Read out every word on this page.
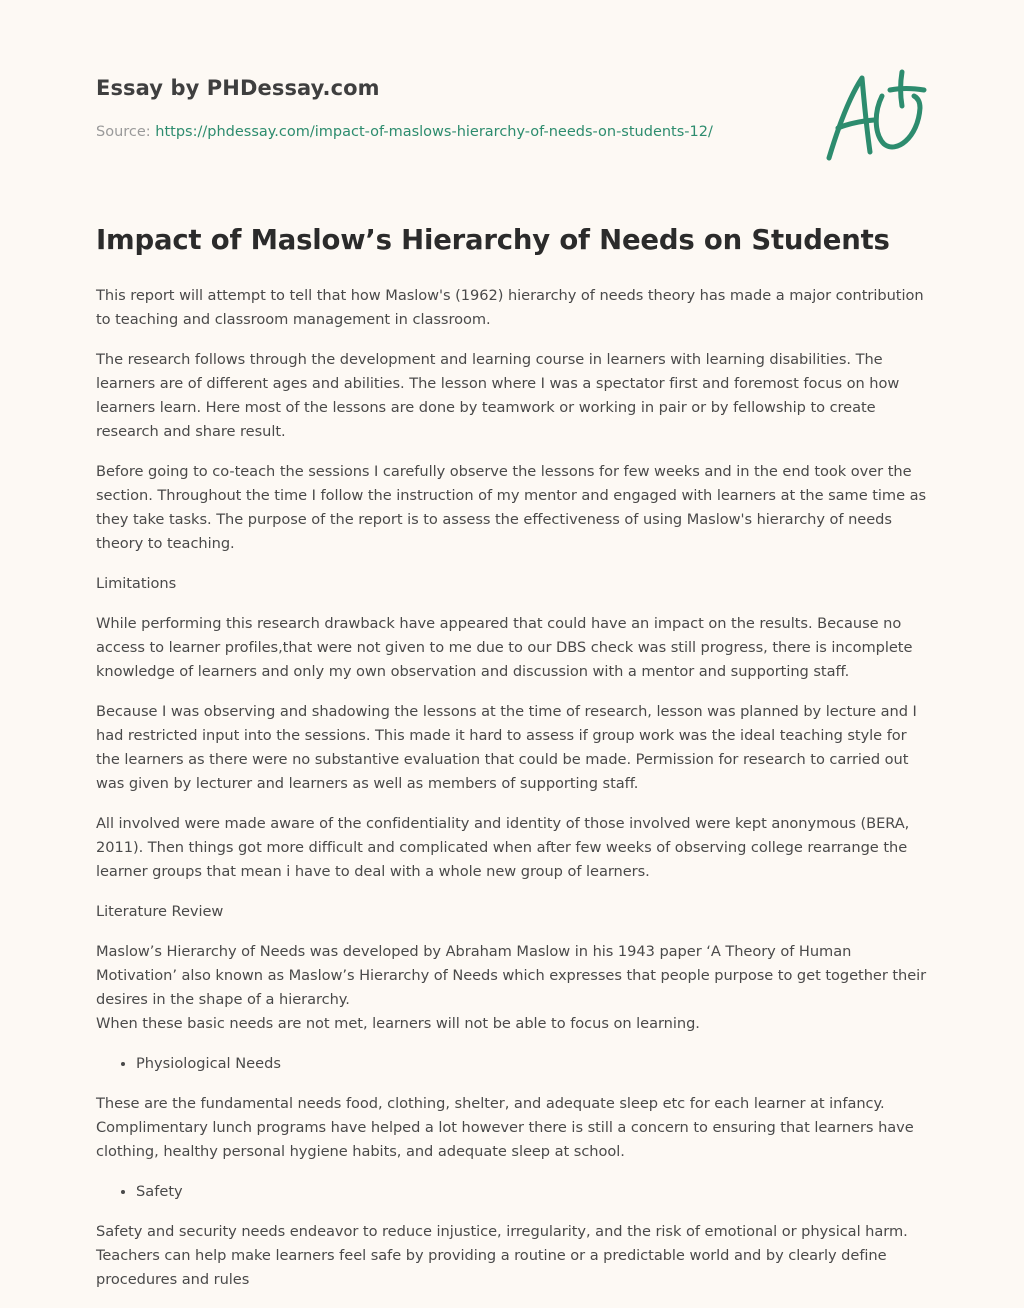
Essay by PHDessay.com
Source: https://phdessay.com/impact-of-maslows-hierarchy-of-needs-on-students-12/
Impact of Maslow’s Hierarchy of Needs on Students

This report will attempt to tell that how Maslow's (1962) hierarchy of needs theory has made a major contribution to teaching and classroom management in classroom.

The research follows through the development and learning course in learners with learning disabilities. The learners are of different ages and abilities. The lesson where I was a spectator first and foremost focus on how learners learn. Here most of the lessons are done by teamwork or working in pair or by fellowship to create research and share result.

Before going to co-teach the sessions I carefully observe the lessons for few weeks and in the end took over the section. Throughout the time I follow the instruction of my mentor and engaged with learners at the same time as they take tasks. The purpose of the report is to assess the effectiveness of using Maslow's hierarchy of needs theory to teaching.

Limitations

While performing this research drawback have appeared that could have an impact on the results. Because no access to learner profiles,that were not given to me due to our DBS check was still progress, there is incomplete knowledge of learners and only my own observation and discussion with a mentor and supporting staff.

Because I was observing and shadowing the lessons at the time of research, lesson was planned by lecture and I had restricted input into the sessions. This made it hard to assess if group work was the ideal teaching style for the learners as there were no substantive evaluation that could be made. Permission for research to carried out was given by lecturer and learners as well as members of supporting staff.

All involved were made aware of the confidentiality and identity of those involved were kept anonymous (BERA, 2011). Then things got more difficult and complicated when after few weeks of observing college rearrange the learner groups that mean i have to deal with a whole new group of learners.

Literature Review

Maslow’s Hierarchy of Needs was developed by Abraham Maslow in his 1943 paper ‘A Theory of Human Motivation’ also known as Maslow’s Hierarchy of Needs which expresses that people purpose to get together their desires in the shape of a hierarchy.
When these basic needs are not met, learners will not be able to focus on learning.

• Physiological Needs

These are the fundamental needs food, clothing, shelter, and adequate sleep etc for each learner at infancy. Complimentary lunch programs have helped a lot however there is still a concern to ensuring that learners have clothing, healthy personal hygiene habits, and adequate sleep at school.

• Safety

Safety and security needs endeavor to reduce injustice, irregularity, and the risk of emotional or physical harm. Teachers can help make learners feel safe by providing a routine or a predictable world and by clearly define procedures and rules
